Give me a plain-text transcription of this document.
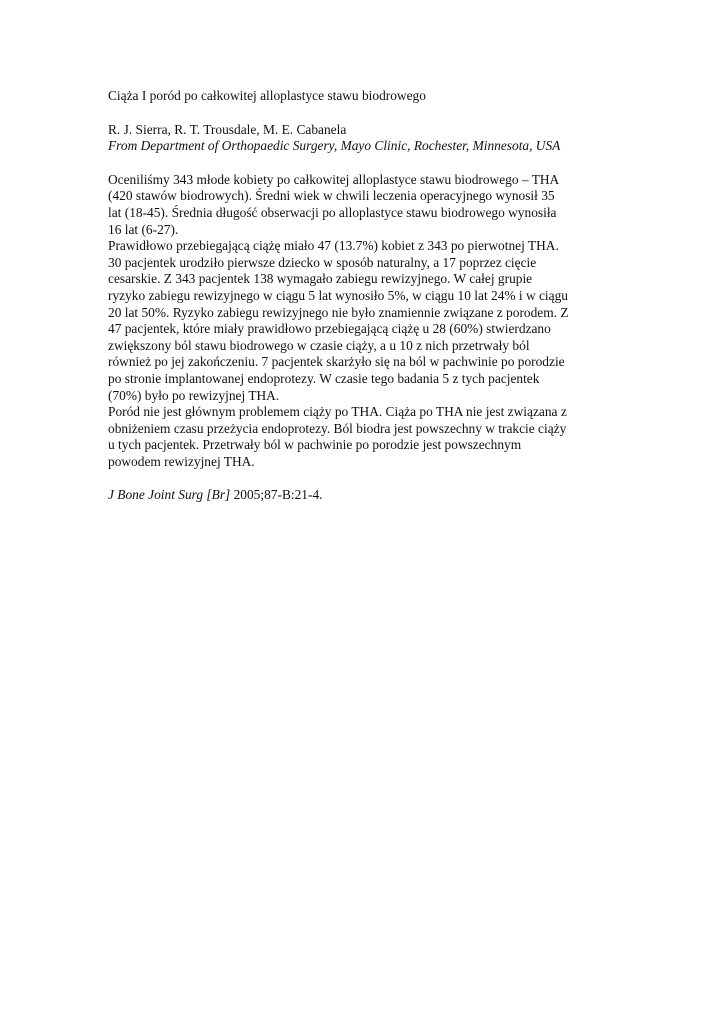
Ciąża I poród po całkowitej alloplastyce stawu biodrowego

R. J. Sierra, R. T. Trousdale, M. E. Cabanela
From Department of Orthopaedic Surgery, Mayo Clinic, Rochester, Minnesota, USA
Oceniliśmy 343 młode kobiety po całkowitej alloplastyce stawu biodrowego – THA
(420 stawów biodrowych). Średni wiek w chwili leczenia operacyjnego wynosił 35
lat (18-45). Średnia długość obserwacji po alloplastyce stawu biodrowego wynosiła
16 lat (6-27).
Prawidłowo przebiegającą ciążę miało 47 (13.7%) kobiet z 343 po pierwotnej THA.
30 pacjentek urodziło pierwsze dziecko w sposób naturalny, a 17 poprzez cięcie
cesarskie. Z 343 pacjentek 138 wymagało zabiegu rewizyjnego. W całej grupie
ryzyko zabiegu rewizyjnego w ciągu 5 lat wynosiło 5%, w ciągu 10 lat 24% i w ciągu
20 lat 50%. Ryzyko zabiegu rewizyjnego nie było znamiennie związane z porodem. Z
47 pacjentek, które miały prawidłowo przebiegającą ciążę u 28 (60%) stwierdzano
zwiększony ból stawu biodrowego w czasie ciąży, a u 10 z nich przetrwały ból
również po jej zakończeniu. 7 pacjentek skarżyło się na ból w pachwinie po porodzie
po stronie implantowanej endoprotezy. W czasie tego badania 5 z tych pacjentek
(70%) było po rewizyjnej THA.
Poród nie jest głównym problemem ciąży po THA. Ciąża po THA nie jest związana z
obniżeniem czasu przeżycia endoprotezy. Ból biodra jest powszechny w trakcie ciąży
u tych pacjentek. Przetrwały ból w pachwinie po porodzie jest powszechnym
powodem rewizyjnej THA.
J Bone Joint Surg [Br] 2005;87-B:21-4.
